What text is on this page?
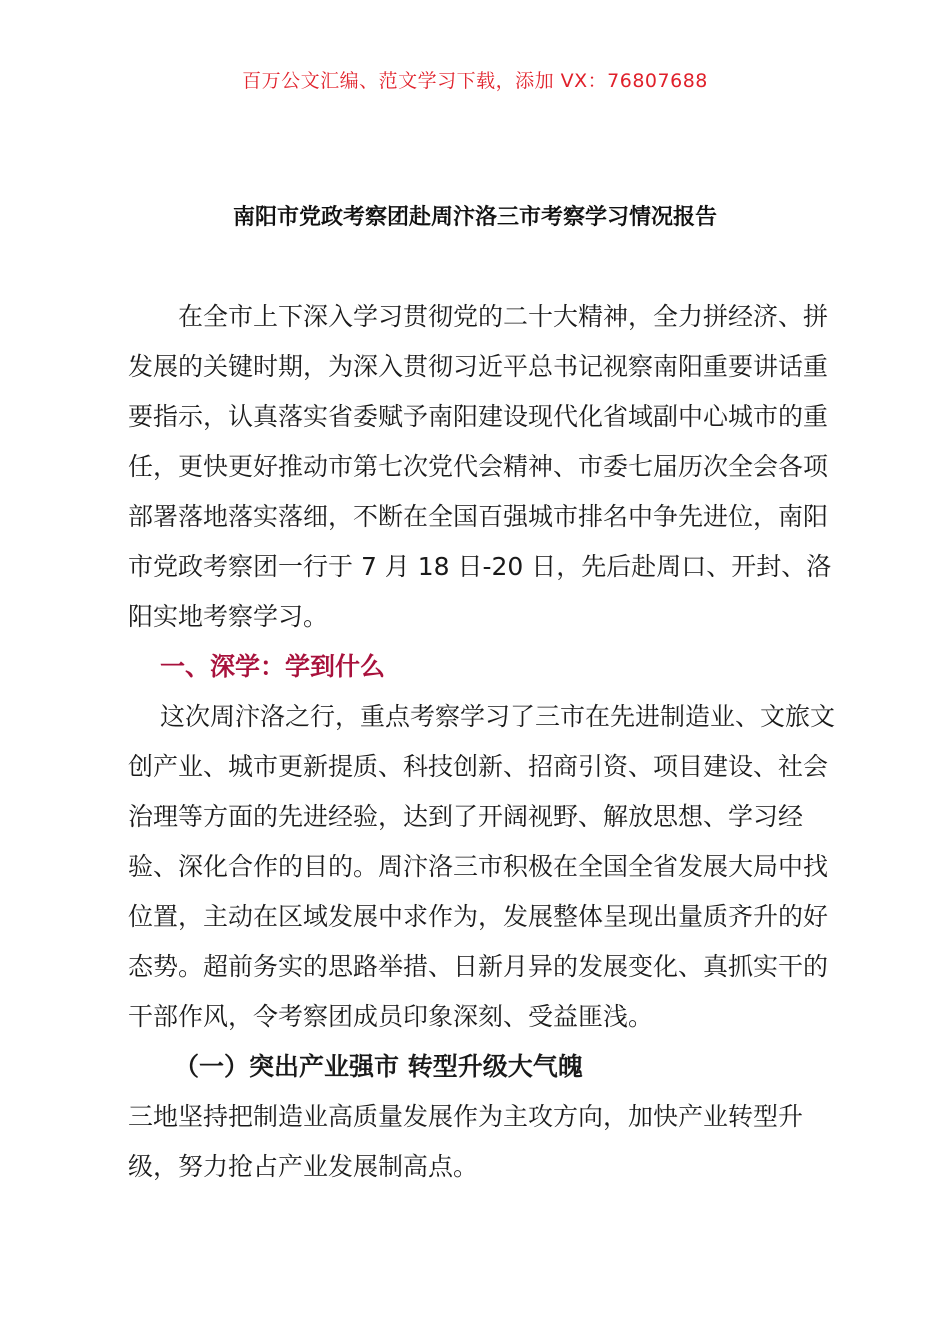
百万公文汇编、范文学习下载，添加 VX：76807688
南阳市党政考察团赴周汴洛三市考察学习情况报告

在全市上下深入学习贯彻党的二十大精神，全力拼经济、拼发展的关键时期，为深入贯彻习近平总书记视察南阳重要讲话重要指示，认真落实省委赋予南阳建设现代化省域副中心城市的重任，更快更好推动市第七次党代会精神、市委七届历次全会各项部署落地落实落细，不断在全国百强城市排名中争先进位，南阳市党政考察团一行于 7 月 18 日-20 日，先后赴周口、开封、洛阳实地考察学习。

一、深学：学到什么

这次周汴洛之行，重点考察学习了三市在先进制造业、文旅文创产业、城市更新提质、科技创新、招商引资、项目建设、社会治理等方面的先进经验，达到了开阔视野、解放思想、学习经验、深化合作的目的。周汴洛三市积极在全国全省发展大局中找位置，主动在区域发展中求作为，发展整体呈现出量质齐升的好态势。超前务实的思路举措、日新月异的发展变化、真抓实干的干部作风，令考察团成员印象深刻、受益匪浅。

（一）突出产业强市 转型升级大气魄

三地坚持把制造业高质量发展作为主攻方向，加快产业转型升级，努力抢占产业发展制高点。
